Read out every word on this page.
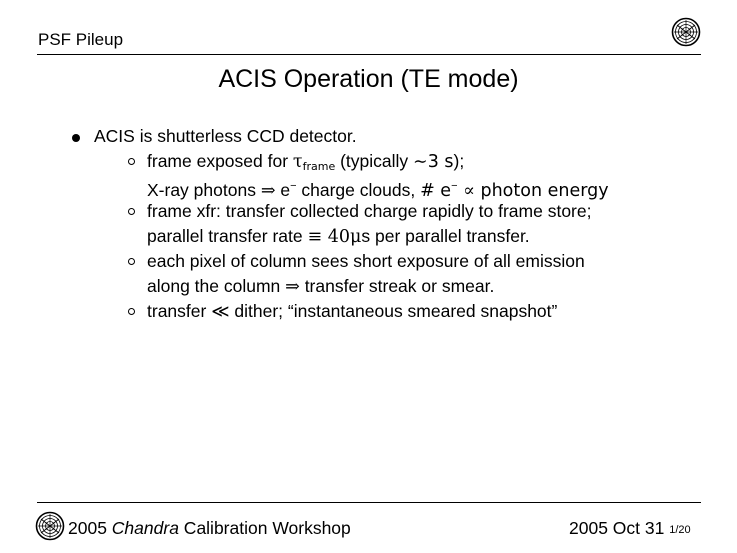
PSF Pileup
ACIS Operation (TE mode)
ACIS is shutterless CCD detector.
frame exposed for $\tau_{frame}$ (typically ∼3 s);
X-ray photons ⇒ e− charge clouds, # e− ∝ photon energy
frame xfr: transfer collected charge rapidly to frame store;
parallel transfer rate ≡ 40μs per parallel transfer.
each pixel of column sees short exposure of all emission
along the column ⇒ transfer streak or smear.
transfer ≪ dither; “instantaneous smeared snapshot”
2005 Chandra Calibration Workshop	2005 Oct 31 1/20
